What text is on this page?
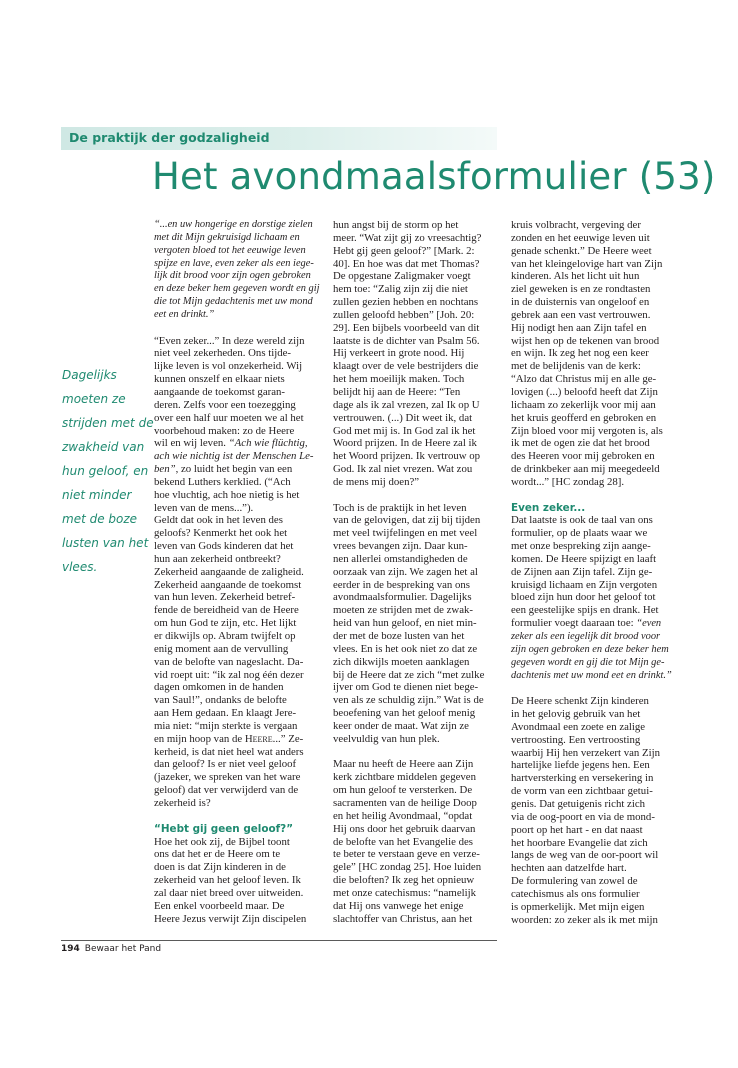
De praktijk der godzaligheid
Het avondmaalsformulier (53)
Dagelijks
moeten ze
strijden met de
zwakheid van
hun geloof, en
niet minder
met de boze
lusten van het
vlees.
“...en uw hongerige en dorstige zielen
met dit Mijn gekruisigd lichaam en
vergoten bloed tot het eeuwige leven
spijze en lave, even zeker als een iege-
lijk dit brood voor zijn ogen gebroken
en deze beker hem gegeven wordt en gij
die tot Mijn gedachtenis met uw mond
eet en drinkt.”
“Even zeker...” In deze wereld zijn
niet veel zekerheden. Ons tijde-
lijke leven is vol onzekerheid. Wij
kunnen onszelf en elkaar niets
aangaande de toekomst garan-
deren. Zelfs voor een toezegging
over een half uur moeten we al het
voorbehoud maken: zo de Heere
wil en wij leven. “Ach wie flüchtig,
ach wie nichtig ist der Menschen Le-
ben”, zo luidt het begin van een
bekend Luthers kerklied. (“Ach
hoe vluchtig, ach hoe nietig is het
leven van de mens...”).
Geldt dat ook in het leven des
geloofs? Kenmerkt het ook het
leven van Gods kinderen dat het
hun aan zekerheid ontbreekt?
Zekerheid aangaande de zaligheid.
Zekerheid aangaande de toekomst
van hun leven. Zekerheid betref-
fende de bereidheid van de Heere
om hun God te zijn, etc. Het lijkt
er dikwijls op. Abram twijfelt op
enig moment aan de vervulling
van de belofte van nageslacht. Da-
vid roept uit: “ik zal nog één dezer
dagen omkomen in de handen
van Saul!”, ondanks de belofte
aan Hem gedaan. En klaagt Jere-
mia niet: “mijn sterkte is vergaan
en mijn hoop van de Heere...” Ze-
kerheid, is dat niet heel wat anders
dan geloof? Is er niet veel geloof
(jazeker, we spreken van het ware
geloof) dat ver verwijderd van de
zekerheid is?
“Hebt gij geen geloof?”
Hoe het ook zij, de Bijbel toont
ons dat het er de Heere om te
doen is dat Zijn kinderen in de
zekerheid van het geloof leven. Ik
zal daar niet breed over uitweiden.
Een enkel voorbeeld maar. De
Heere Jezus verwijt Zijn discipelen
hun angst bij de storm op het
meer. “Wat zijt gij zo vreesachtig?
Hebt gij geen geloof?” [Mark. 2:
40]. En hoe was dat met Thomas?
De opgestane Zaligmaker voegt
hem toe: “Zalig zijn zij die niet
zullen gezien hebben en nochtans
zullen geloofd hebben” [Joh. 20:
29]. Een bijbels voorbeeld van dit
laatste is de dichter van Psalm 56.
Hij verkeert in grote nood. Hij
klaagt over de vele bestrijders die
het hem moeilijk maken. Toch
belijdt hij aan de Heere: “Ten
dage als ik zal vrezen, zal Ik op U
vertrouwen. (...) Dit weet ik, dat
God met mij is. In God zal ik het
Woord prijzen. In de Heere zal ik
het Woord prijzen. Ik vertrouw op
God. Ik zal niet vrezen. Wat zou
de mens mij doen?”
Toch is de praktijk in het leven
van de gelovigen, dat zij bij tijden
met veel twijfelingen en met veel
vrees bevangen zijn. Daar kun-
nen allerlei omstandigheden de
oorzaak van zijn. We zagen het al
eerder in de bespreking van ons
avondmaalsformulier. Dagelijks
moeten ze strijden met de zwak-
heid van hun geloof, en niet min-
der met de boze lusten van het
vlees. En is het ook niet zo dat ze
zich dikwijls moeten aanklagen
bij de Heere dat ze zich “met zulke
ijver om God te dienen niet bege-
ven als ze schuldig zijn.” Wat is de
beoefening van het geloof menig
keer onder de maat. Wat zijn ze
veelvuldig van hun plek.
Maar nu heeft de Heere aan Zijn
kerk zichtbare middelen gegeven
om hun geloof te versterken. De
sacramenten van de heilige Doop
en het heilig Avondmaal, “opdat
Hij ons door het gebruik daarvan
de belofte van het Evangelie des
te beter te verstaan geve en verze-
gele” [HC zondag 25]. Hoe luiden
die beloften? Ik zeg het opnieuw
met onze catechismus: “namelijk
dat Hij ons vanwege het enige
slachtoffer van Christus, aan het
kruis volbracht, vergeving der
zonden en het eeuwige leven uit
genade schenkt.” De Heere weet
van het kleingelovige hart van Zijn
kinderen. Als het licht uit hun
ziel geweken is en ze rondtasten
in de duisternis van ongeloof en
gebrek aan een vast vertrouwen.
Hij nodigt hen aan Zijn tafel en
wijst hen op de tekenen van brood
en wijn. Ik zeg het nog een keer
met de belijdenis van de kerk:
“Alzo dat Christus mij en alle ge-
lovigen (...) beloofd heeft dat Zijn
lichaam zo zekerlijk voor mij aan
het kruis geofferd en gebroken en
Zijn bloed voor mij vergoten is, als
ik met de ogen zie dat het brood
des Heeren voor mij gebroken en
de drinkbeker aan mij meegedeeld
wordt...” [HC zondag 28].
Even zeker...
Dat laatste is ook de taal van ons
formulier, op de plaats waar we
met onze bespreking zijn aange-
komen. De Heere spijzigt en laaft
de Zijnen aan Zijn tafel. Zijn ge-
kruisigd lichaam en Zijn vergoten
bloed zijn hun door het geloof tot
een geestelijke spijs en drank. Het
formulier voegt daaraan toe: “even
zeker als een iegelijk dit brood voor
zijn ogen gebroken en deze beker hem
gegeven wordt en gij die tot Mijn ge-
dachtenis met uw mond eet en drinkt.”
De Heere schenkt Zijn kinderen
in het gelovig gebruik van het
Avondmaal een zoete en zalige
vertroosting. Een vertroosting
waarbij Hij hen verzekert van Zijn
hartelijke liefde jegens hen. Een
hartversterking en versekering in
de vorm van een zichtbaar getui-
genis. Dat getuigenis richt zich
via de oog-poort en via de mond-
poort op het hart - en dat naast
het hoorbare Evangelie dat zich
langs de weg van de oor-poort wil
hechten aan datzelfde hart.
De formulering van zowel de
catechismus als ons formulier
is opmerkelijk. Met mijn eigen
woorden: zo zeker als ik met mijn
194 Bewaar het Pand
